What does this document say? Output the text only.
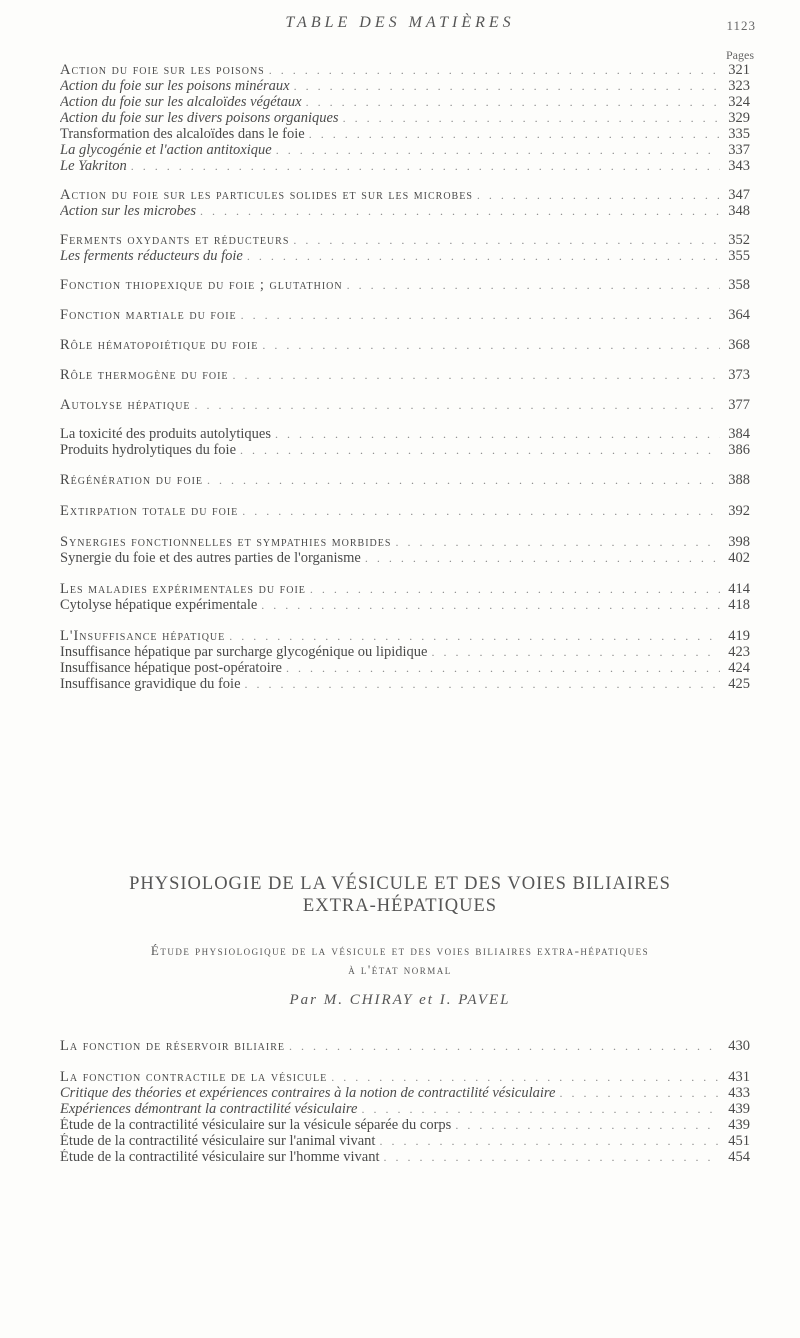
TABLE DES MATIÈRES	1123
Pages
Action du foie sur les poisons . . .	321
Action du foie sur les poisons minéraux . . .	323
Action du foie sur les alcaloïdes végétaux . . .	324
Action du foie sur les divers poisons organiques . . .	329
Transformation des alcaloïdes dans le foie . . .	335
La glycogénie et l'action antitoxique . . .	337
Le Yakriton . . .	343
Action du foie sur les particules solides et sur les microbes . . .	347
Action sur les microbes . . .	348
Ferments oxydants et réducteurs . . .	352
Les ferments réducteurs du foie . . .	355
Fonction thiopexique du foie ; glutathion . . .	358
Fonction martiale du foie . . .	364
Rôle hématopoiétique du foie . . .	368
Rôle thermogène du foie . . .	373
Autolyse hépatique . . .	377
La toxicité des produits autolytiques . . .	384
Produits hydrolytiques du foie . . .	386
Régénération du foie . . .	388
Extirpation totale du foie . . .	392
Synergies fonctionnelles et sympathies morbides . . .	398
Synergie du foie et des autres parties de l'organisme . . .	402
Les maladies expérimentales du foie . . .	414
Cytolyse hépatique expérimentale . . .	418
L'Insuffisance hépatique . . .	419
Insuffisance hépatique par surcharge glycogénique ou lipidique . . .	423
Insuffisance hépatique post-opératoire . . .	424
Insuffisance gravidique du foie . . .	425
PHYSIOLOGIE DE LA VÉSICULE ET DES VOIES BILIAIRES
EXTRA-HÉPATIQUES
Étude physiologique de la vésicule et des voies biliaires extra-hépatiques
à l'état normal
Par M. CHIRAY et I. PAVEL
La fonction de réservoir biliaire . . .	430
La fonction contractile de la vésicule . . .	431
Critique des théories et expériences contraires à la notion de contractilité vésiculaire . . .	433
Expériences démontrant la contractilité vésiculaire . . .	439
Étude de la contractilité vésiculaire sur la vésicule séparée du corps . . .	439
Étude de la contractilité vésiculaire sur l'animal vivant . . .	451
Étude de la contractilité vésiculaire sur l'homme vivant . . .	454
